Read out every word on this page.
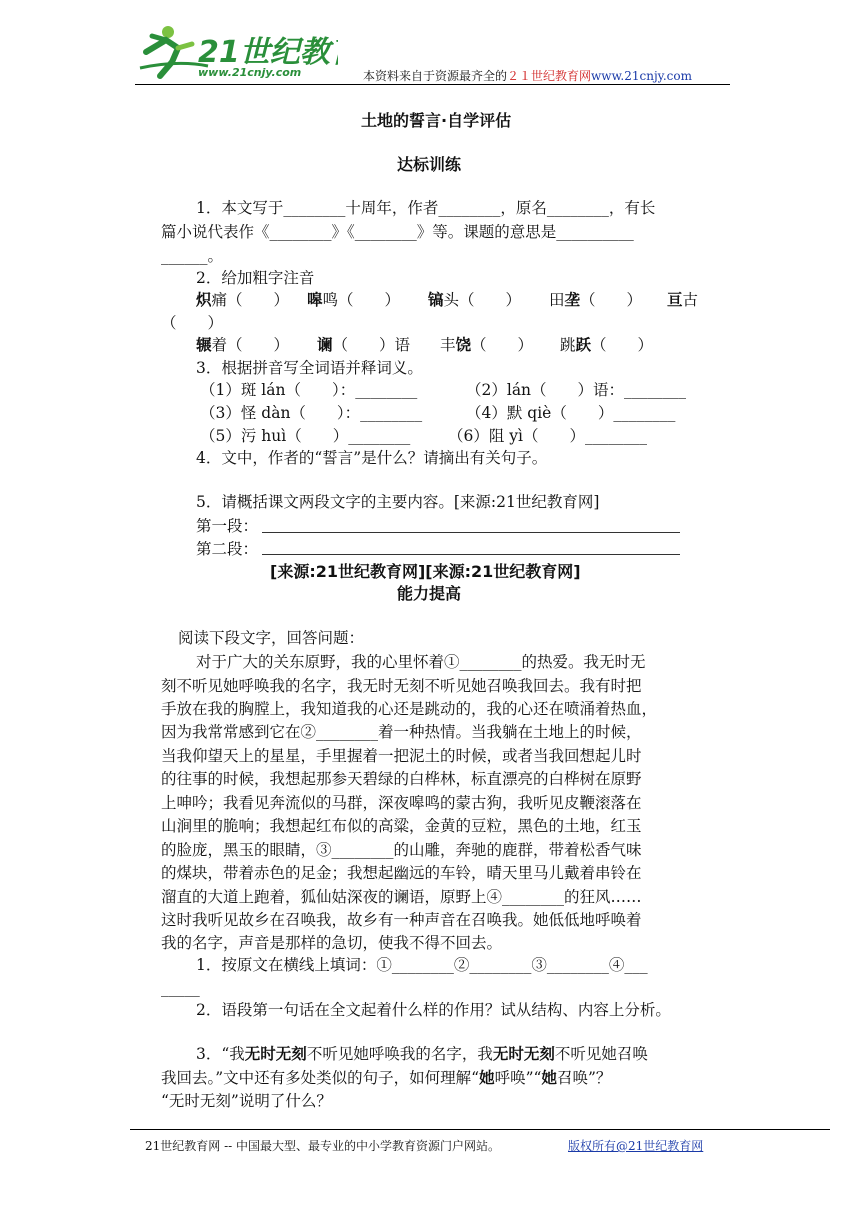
21世纪教
www.21cnjy.com	本资料来自于资源最齐全的２１世纪教育网www.21cnjy.com
土地的誓言·自学评估
达标训练
1．本文写于________十周年，作者________，原名________，有长
篇小说代表作《________》《________》等。课题的意思是__________
______。
2．给加粗字注音
炽痛（　　） 嗥鸣（　　） 镐头（　　） 田垄（　　） 亘古
（　　）
辗着（　　） 谰（　　）语 丰饶（　　） 跳跃（　　）
3．根据拼音写全词语并释词义。
（1）斑 lán（　　）：________	（2）lán（　　）语：________
（3）怪 dàn（　　）：________	（4）默 qiè（　　）________
（5）污 huì（　　）________ （6）阻 yì（　　）________
4．文中，作者的“誓言”是什么？请摘出有关句子。
5．请概括课文两段文字的主要内容。[来源:21世纪教育网]
第一段：
第二段：
[来源:21世纪教育网][来源:21世纪教育网]
能力提高
阅读下段文字，回答问题：
对于广大的关东原野，我的心里怀着①________的热爱。我无时无
刻不听见她呼唤我的名字，我无时无刻不听见她召唤我回去。我有时把
手放在我的胸膛上，我知道我的心还是跳动的，我的心还在喷涌着热血，
因为我常常感到它在②________着一种热情。当我躺在土地上的时候，
当我仰望天上的星星，手里握着一把泥土的时候，或者当我回想起儿时
的往事的时候，我想起那参天碧绿的白桦林，标直漂亮的白桦树在原野
上呻吟；我看见奔流似的马群，深夜嗥鸣的蒙古狗，我听见皮鞭滚落在
山涧里的脆响；我想起红布似的高粱，金黄的豆粒，黑色的土地，红玉
的脸庞，黑玉的眼睛，③________的山雕，奔驰的鹿群，带着松香气味
的煤块，带着赤色的足金；我想起幽远的车铃，晴天里马儿戴着串铃在
溜直的大道上跑着，狐仙姑深夜的谰语，原野上④________的狂风……
这时我听见故乡在召唤我，故乡有一种声音在召唤我。她低低地呼唤着
我的名字，声音是那样的急切，使我不得不回去。
1．按原文在横线上填词：①________②________③________④___
_____
2．语段第一句话在全文起着什么样的作用？试从结构、内容上分析。
3．“我无时无刻不听见她呼唤我的名字，我无时无刻不听见她召唤
我回去。”文中还有多处类似的句子，如何理解“她呼唤”“她召唤”？
“无时无刻”说明了什么？
21世纪教育网 -- 中国最大型、最专业的中小学教育资源门户网站。	版权所有@21世纪教育网
